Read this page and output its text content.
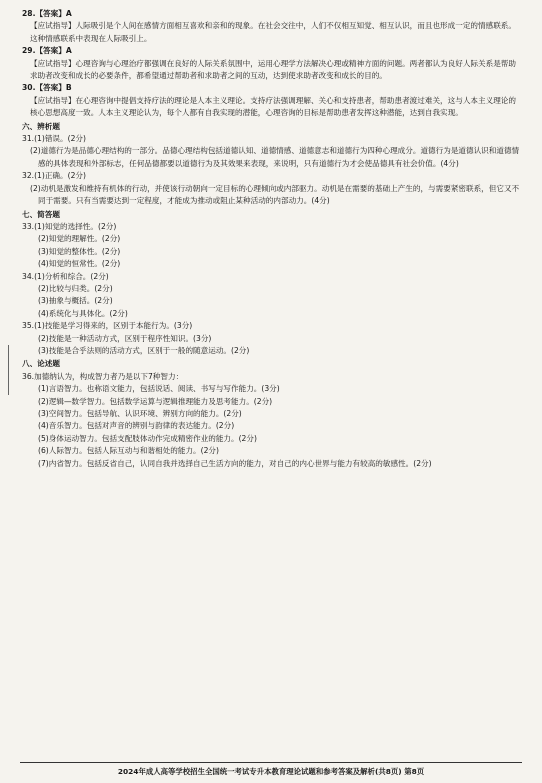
28.【答案】A
【应试指导】人际吸引是个人间在感情方面相互喜欢和亲和的现象。在社会交往中，人们不仅相互知觉、相互认识，而且也形成一定的情感联系。这种情感联系中表现在人际吸引上。
29.【答案】A
【应试指导】心理咨询与心理治疗都强调在良好的人际关系氛围中，运用心理学方法解决心理或精神方面的问题。两者都认为良好人际关系是帮助求助者改变和成长的必要条件，都希望通过帮助者和求助者之间的互动，达到使求助者改变和成长的目的。
30.【答案】B
【应试指导】在心理咨询中提倡支持疗法的理论是人本主义理论。支持疗法强调理解、关心和支持患者，帮助患者渡过难关，这与人本主义理论的核心思想高度一致。人本主义理论认为，每个人都有自我实现的潜能，心理咨询的目标是帮助患者发挥这种潜能，达到自我实现。
六、辨析题
31.(1)错误。(2分)
(2)道德行为是品德心理结构的一部分。品德心理结构包括道德认知、道德情感、道德意志和道德行为四种心理成分。道德行为是道德认识和道德情感的具体表现和外部标志，任何品德都要以道德行为及其效果来表现，来说明，只有道德行为才会使品德具有社会价值。(4分)
32.(1)正确。(2分)
(2)动机是激发和维持有机体的行动，并使该行动朝向一定目标的心理倾向或内部驱力。动机是在需要的基础上产生的，与需要紧密联系，但它又不同于需要。只有当需要达到一定程度，才能成为推动或阻止某种活动的内部动力。(4分)
七、简答题
33.(1)知觉的选择性。(2分)
(2)知觉的理解性。(2分)
(3)知觉的整体性。(2分)
(4)知觉的恒常性。(2分)
34.(1)分析和综合。(2分)
(2)比较与归类。(2分)
(3)抽象与概括。(2分)
(4)系统化与具体化。(2分)
35.(1)技能是学习得来的，区别于本能行为。(3分)
(2)技能是一种活动方式，区别于程序性知识。(3分)
(3)技能是合乎法则的活动方式，区别于一般的随意运动。(2分)
八、论述题
36.加德纳认为，构成智力者乃是以下7种智力：
(1)言语智力。也称语文能力，包括说话、阅读、书写与写作能力。(3分)
(2)逻辑—数学智力。包括数学运算与逻辑推理能力及思考能力。(2分)
(3)空间智力。包括导航、认识环境、辨别方向的能力。(2分)
(4)音乐智力。包括对声音的辨别与韵律的表达能力。(2分)
(5)身体运动智力。包括支配肢体动作完成精密作业的能力。(2分)
(6)人际智力。包括人际互动与和谐相处的能力。(2分)
(7)内省智力。包括反省自己，认同自我并选择自己生活方向的能力，对自己的内心世界与能力有较高的敏感性。(2分)
2024年成人高等学校招生全国统一考试专升本教育理论试题和参考答案及解析(共8页) 第8页
